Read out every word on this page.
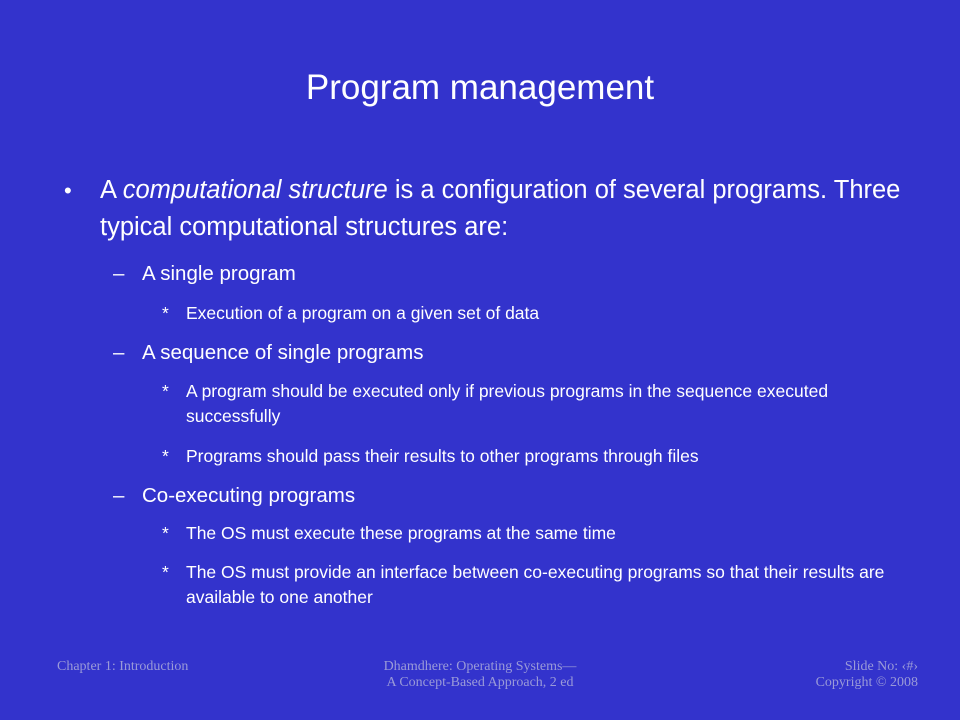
Program management
• A computational structure is a configuration of several programs. Three typical computational structures are:
– A single program
* Execution of a program on a given set of data
– A sequence of single programs
* A program should be executed only if previous programs in the sequence executed successfully
* Programs should pass their results to other programs through files
– Co-executing programs
* The OS must execute these programs at the same time
* The OS must provide an interface between co-executing programs so that their results are available to one another
Chapter 1: Introduction	Dhamdhere: Operating Systems—
A Concept-Based Approach, 2 ed
Slide No: ‹#›
Copyright © 2008
